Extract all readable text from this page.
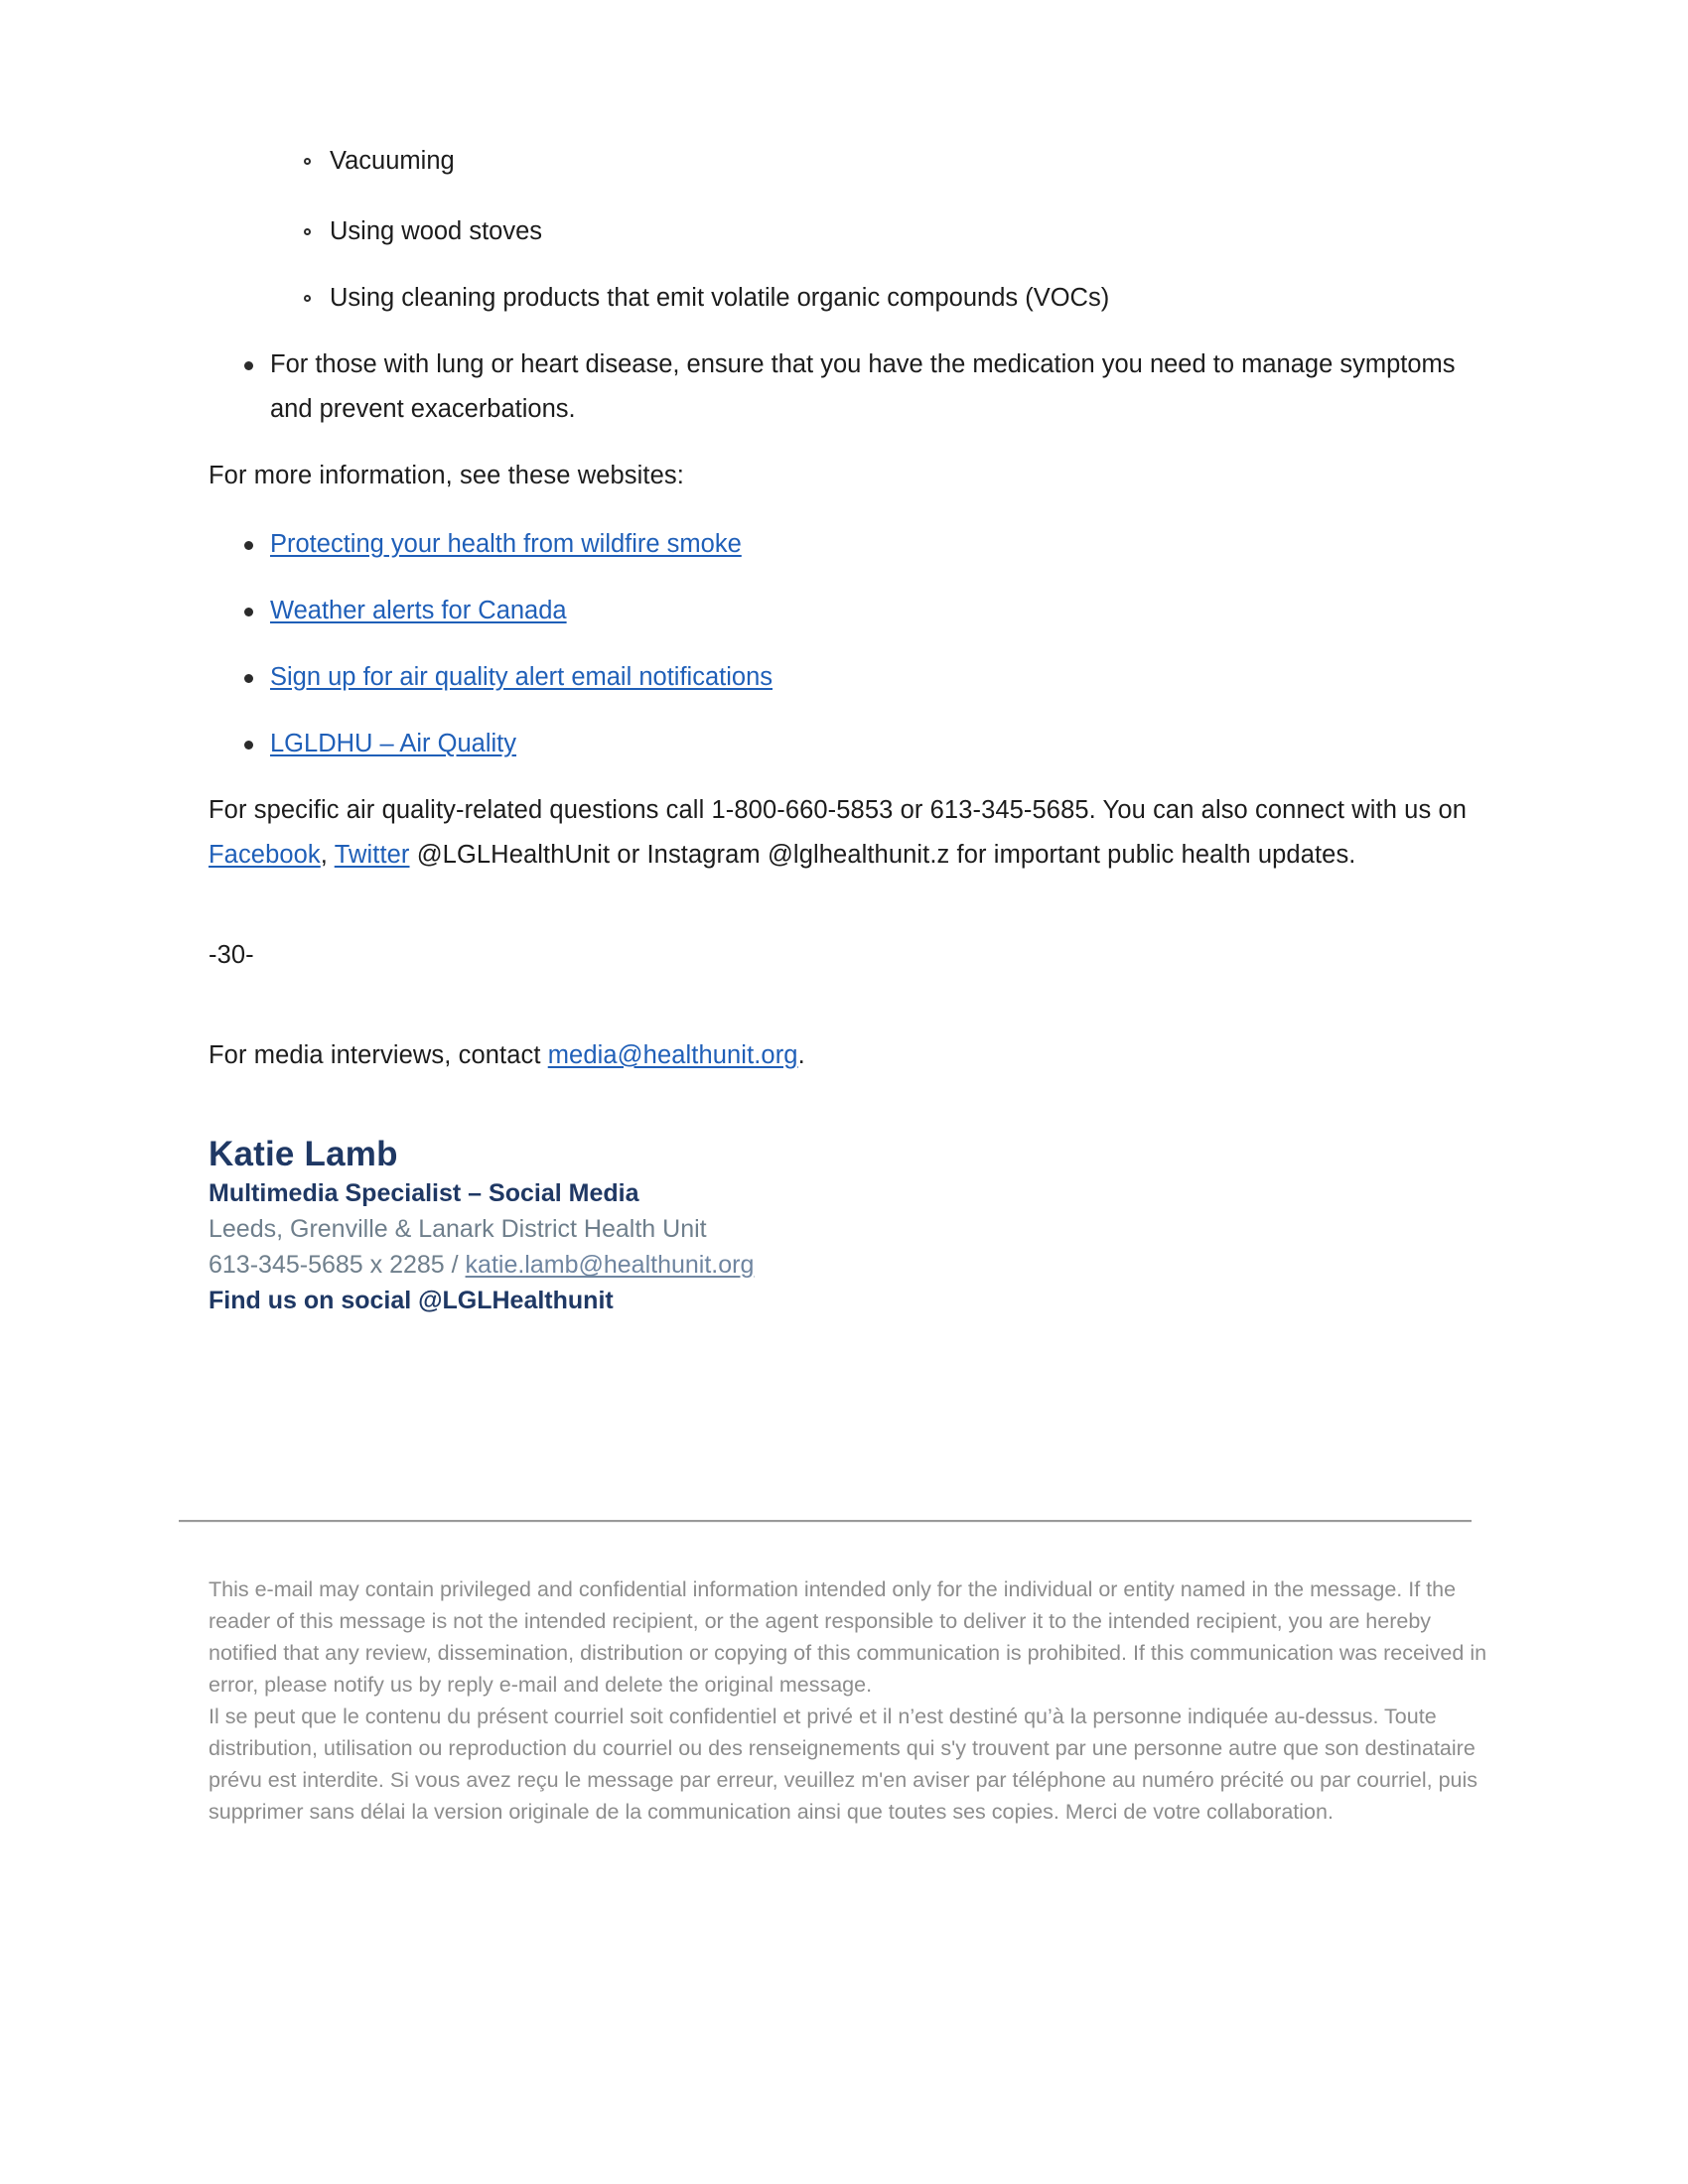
Vacuuming
Using wood stoves
Using cleaning products that emit volatile organic compounds (VOCs)
For those with lung or heart disease, ensure that you have the medication you need to manage symptoms and prevent exacerbations.

For more information, see these websites:

Protecting your health from wildfire smoke
Weather alerts for Canada
Sign up for air quality alert email notifications
LGLDHU – Air Quality

For specific air quality-related questions call 1-800-660-5853 or 613-345-5685. You can also connect with us on Facebook, Twitter @LGLHealthUnit or Instagram @lglhealthunit.z for important public health updates.

-30-

For media interviews, contact media@healthunit.org.

Katie Lamb
Multimedia Specialist – Social Media
Leeds, Grenville & Lanark District Health Unit
613-345-5685 x 2285 / katie.lamb@healthunit.org
Find us on social @LGLHealthunit

This e-mail may contain privileged and confidential information intended only for the individual or entity named in the message. If the reader of this message is not the intended recipient, or the agent responsible to deliver it to the intended recipient, you are hereby notified that any review, dissemination, distribution or copying of this communication is prohibited. If this communication was received in error, please notify us by reply e-mail and delete the original message.

Il se peut que le contenu du présent courriel soit confidentiel et privé et il n’est destiné qu’à la personne indiquée au-dessus. Toute distribution, utilisation ou reproduction du courriel ou des renseignements qui s'y trouvent par une personne autre que son destinataire prévu est interdite. Si vous avez reçu le message par erreur, veuillez m'en aviser par téléphone au numéro précité ou par courriel, puis supprimer sans délai la version originale de la communication ainsi que toutes ses copies. Merci de votre collaboration.
